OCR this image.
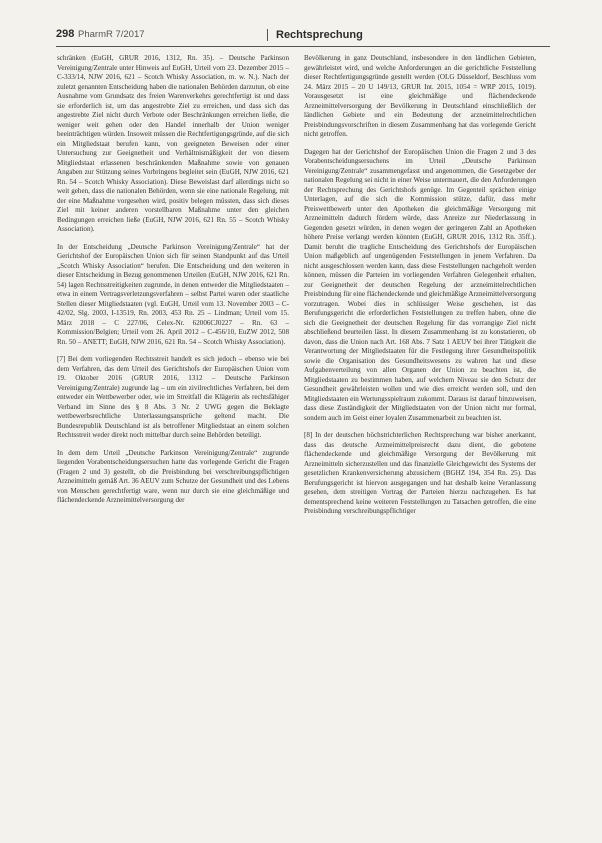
298 PharmR 7/2017	Rechtsprechung

schränken (EuGH, GRUR 2016, 1312, Rn. 35). – Deutsche Parkinson Vereinigung/Zentrale unter Hinweis auf EuGH, Urteil vom 23. Dezember 2015 – C-333/14, NJW 2016, 621 – Scotch Whisky Association, m. w. N.). Nach der zuletzt genannten Entscheidung haben die nationalen Behörden darzutun, ob eine Ausnahme vom Grundsatz des freien Warenverkehrs gerechtfertigt ist und dass sie erforderlich ist, um das angestrebte Ziel zu erreichen, und dass sich das angestrebte Ziel nicht durch Verbote oder Beschränkungen erreichen ließe, die weniger weit gehen oder den Handel innerhalb der Union weniger beeinträchtigen würden. Insoweit müssen die Rechtfertigungsgründe, auf die sich ein Mitgliedstaat berufen kann, von geeigneten Beweisen oder einer Untersuchung zur Geeignetheit und Verhältnismäßigkeit der von diesem Mitgliedstaat erlassenen beschränkenden Maßnahme sowie von genauen Angaben zur Stützung seines Vorbringens begleitet sein (EuGH, NJW 2016, 621 Rn. 54 – Scotch Whisky Association). Diese Beweislast darf allerdings nicht so weit gehen, dass die nationalen Behörden, wenn sie eine nationale Regelung, mit der eine Maßnahme vorgesehen wird, positiv belegen müssten, dass sich dieses Ziel mit keiner anderen vorstellbaren Maßnahme unter den gleichen Bedingungen erreichen ließe (EuGH, NJW 2016, 621 Rn. 55 – Scotch Whisky Association).

In der Entscheidung „Deutsche Parkinson Vereinigung/Zentrale“ hat der Gerichtshof der Europäischen Union sich für seinen Standpunkt auf das Urteil „Scotch Whisky Association“ berufen. Die Entscheidung und den weiteren in dieser Entscheidung in Bezug genommenen Urteilen (EuGH, NJW 2016, 621 Rn. 54) lagen Rechtsstreitigkeiten zugrunde, in denen entweder die Mitgliedstaaten – etwa in einem Vertragsverletzungsverfahren – selbst Partei waren oder staatliche Stellen dieser Mitgliedstaaten (vgl. EuGH, Urteil vom 13. November 2003 – C-42/02, Slg. 2003, I-13519, Rn. 2003, 453 Rn. 25 – Lindman; Urteil vom 15. März 2018 – C 227/06, Celex-Nr. 62006CJ0227 – Rn. 63 – Kommission/Belgien; Urteil vom 26. April 2012 – C-456/10, EuZW 2012, 508 Rn. 50 – ANETT; EuGH, NJW 2016, 621 Rn. 54 – Scotch Whisky Association).

[7] Bei dem vorliegenden Rechtsstreit handelt es sich jedoch – ebenso wie bei dem Verfahren, das dem Urteil des Gerichtshofs der Europäischen Union vom 19. Oktober 2016 (GRUR 2016, 1312 – Deutsche Parkinson Vereinigung/Zentrale) zugrunde lag – um ein zivilrechtliches Verfahren, bei dem entweder ein Wettbewerber oder, wie im Streitfall die Klägerin als rechtsfähiger Verband im Sinne des § 8 Abs. 3 Nr. 2 UWG gegen die Beklagte wettbewerbsrechtliche Unterlassungsansprüche geltend macht. Die Bundesrepublik Deutschland ist als betroffener Mitgliedstaat an einem solchen Rechtsstreit weder direkt noch mittelbar durch seine Behörden beteiligt.

In dem dem Urteil „Deutsche Parkinson Vereinigung/Zentrale“ zugrunde liegenden Vorabentscheidungsersuchen hatte das vorlegende Gericht die Fragen (Fragen 2 und 3) gestellt, ob die Preisbindung bei verschreibungspflichtigen Arzneimitteln gemäß Art. 36 AEUV zum Schutze der Gesundheit und des Lebens von Menschen gerechtfertigt ware, wenn nur durch sie eine gleichmäßige und flächendeckende Arzneimittelversorgung der

Bevölkerung in ganz Deutschland, insbesondere in den ländlichen Gebieten, gewährleistet wird, und welche Anforderungen an die gerichtliche Feststellung dieser Rechtfertigungsgründe gestellt werden (OLG Düsseldorf, Beschluss vom 24. März 2015 – 20 U 149/13, GRUR Int. 2015, 1054 = WRP 2015, 1019). Vorausgesetzt ist eine gleichmäßige und flächendeckende Arzneimittelversorgung der Bevölkerung in Deutschland einschließlich der ländlichen Gebiete und ein Bedeutung der arzneimittelrechtlichen Preisbindungsvorschriften in diesem Zusammenhang hat das vorlegende Gericht nicht getroffen.

Dagegen hat der Gerichtshof der Europäischen Union die Fragen 2 und 3 des Vorabentscheidungsersuchens im Urteil „Deutsche Parkinson Vereinigung/Zentrale“ zusammengefasst und angenommen, die Gesetzgeber der nationalen Regelung sei nicht in einer Weise untermauert, die den Anforderungen der Rechtsprechung des Gerichtshofs genüge. Im Gegenteil sprächen einige Unterlagen, auf die sich die Kommission stütze, dafür, dass mehr Preiswettbewerb unter den Apotheken die gleichmäßige Versorgung mit Arzneimitteln dadurch fördern würde, dass Anreize zur Niederlassung in Gegenden gesetzt würden, in denen wegen der geringeren Zahl an Apotheken höhere Preise verlangt werden könnten (EuGH, GRUR 2016, 1312 Rn. 35ff.). Damit beruht die tragliche Entscheidung des Gerichtshofs der Europäischen Union maßgeblich auf ungenügenden Feststellungen in jenem Verfahren. Da nicht ausgeschlossen werden kann, dass diese Feststellungen nachgeholt werden können, müssen die Parteien im vorliegenden Verfahren Gelegenheit erhalten, zur Geeignetheit der deutschen Regelung der arzneimittelrechtlichen Preisbindung für eine flächendeckende und gleichmäßige Arzneimittelversorgung vorzutragen. Wobei dies in schlüssiger Weise geschehen, ist das Berufungsgericht die erforderlichen Feststellungen zu treffen haben, ohne die sich die Geeignetheit der deutschen Regelung für das vorrangige Ziel nicht abschließend beurteilen lässt. In diesem Zusammenhang ist zu konstatieren, ob davon, dass die Union nach Art. 168 Abs. 7 Satz 1 AEUV bei ihrer Tätigkeit die Verantwortung der Mitgliedstaaten für die Festlegung ihrer Gesundheitspolitik sowie die Organisation des Gesundheitswesens zu wahren hat und diese Aufgabenverteilung von allen Organen der Union zu beachten ist, die Mitgliedstaaten zu bestimmen haben, auf welchem Niveau sie den Schutz der Gesundheit gewährleisten wollen und wie dies erreicht werden soll, und den Mitgliedstaaten ein Wertungsspielraum zukommt. Daraus ist darauf hinzuweisen, dass diese Zuständigkeit der Mitgliedstaaten von der Union nicht nur formal, sondern auch im Geist einer loyalen Zusammenarbeit zu beachten ist.

[8] In der deutschen höchstrichterlichen Rechtsprechung war bisher anerkannt, dass das deutsche Arzneimittelpreisrecht dazu dient, die gebotene flächendeckende und gleichmäßige Versorgung der Bevölkerung mit Arzneimitteln sicherzustellen und das finanzielle Gleichgewicht des Systems der gesetzlichen Krankenversicherung abzusichern (BGHZ 194, 354 Rn. 25). Das Berufungsgericht ist hiervon ausgegangen und hat deshalb keine Veranlassung gesehen, dem streitigen Vortrag der Parteien hierzu nachzugehen. Es hat dementsprechend keine weiteren Feststellungen zu Tatsachen getroffen, die eine Preisbindung verschreibungspflichtiger
